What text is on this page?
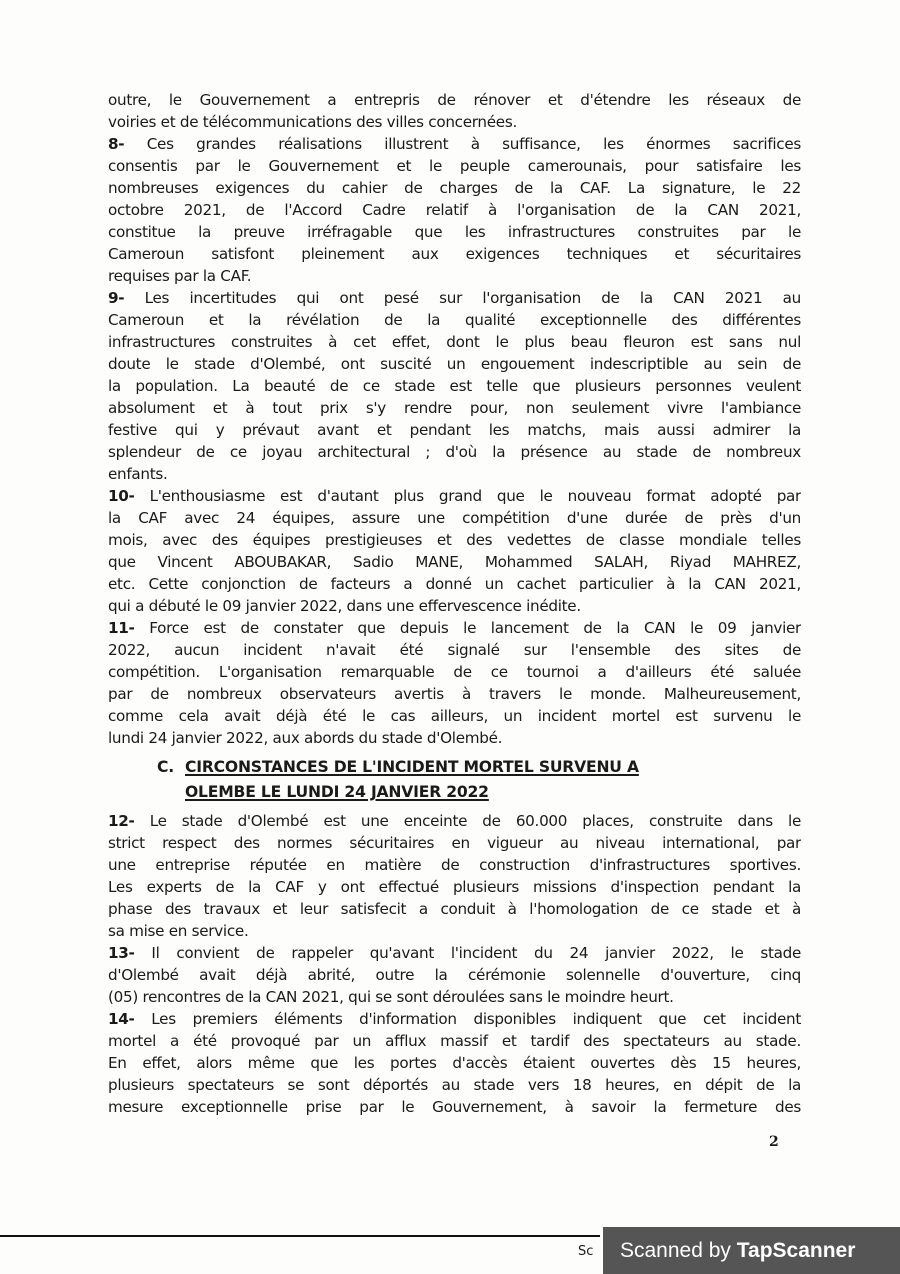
outre, le Gouvernement a entrepris de rénover et d'étendre les réseaux de
voiries et de télécommunications des villes concernées.
8- Ces grandes réalisations illustrent à suffisance, les énormes sacrifices
consentis par le Gouvernement et le peuple camerounais, pour satisfaire les
nombreuses exigences du cahier de charges de la CAF. La signature, le 22
octobre 2021, de l'Accord Cadre relatif à l'organisation de la CAN 2021,
constitue la preuve irréfragable que les infrastructures construites par le
Cameroun satisfont pleinement aux exigences techniques et sécuritaires
requises par la CAF.
9- Les incertitudes qui ont pesé sur l'organisation de la CAN 2021 au
Cameroun et la révélation de la qualité exceptionnelle des différentes
infrastructures construites à cet effet, dont le plus beau fleuron est sans nul
doute le stade d'Olembé, ont suscité un engouement indescriptible au sein de
la population. La beauté de ce stade est telle que plusieurs personnes veulent
absolument et à tout prix s'y rendre pour, non seulement vivre l'ambiance
festive qui y prévaut avant et pendant les matchs, mais aussi admirer la
splendeur de ce joyau architectural ; d'où la présence au stade de nombreux
enfants.
10- L'enthousiasme est d'autant plus grand que le nouveau format adopté par
la CAF avec 24 équipes, assure une compétition d'une durée de près d'un
mois, avec des équipes prestigieuses et des vedettes de classe mondiale telles
que Vincent ABOUBAKAR, Sadio MANE, Mohammed SALAH, Riyad MAHREZ,
etc. Cette conjonction de facteurs a donné un cachet particulier à la CAN 2021,
qui a débuté le 09 janvier 2022, dans une effervescence inédite.
11- Force est de constater que depuis le lancement de la CAN le 09 janvier
2022, aucun incident n'avait été signalé sur l'ensemble des sites de
compétition. L'organisation remarquable de ce tournoi a d'ailleurs été saluée
par de nombreux observateurs avertis à travers le monde. Malheureusement,
comme cela avait déjà été le cas ailleurs, un incident mortel est survenu le
lundi 24 janvier 2022, aux abords du stade d'Olembé.
C. CIRCONSTANCES DE L'INCIDENT MORTEL SURVENU A
OLEMBE LE LUNDI 24 JANVIER 2022
12- Le stade d'Olembé est une enceinte de 60.000 places, construite dans le
strict respect des normes sécuritaires en vigueur au niveau international, par
une entreprise réputée en matière de construction d'infrastructures sportives.
Les experts de la CAF y ont effectué plusieurs missions d'inspection pendant la
phase des travaux et leur satisfecit a conduit à l'homologation de ce stade et à
sa mise en service.
13- Il convient de rappeler qu'avant l'incident du 24 janvier 2022, le stade
d'Olembé avait déjà abrité, outre la cérémonie solennelle d'ouverture, cinq
(05) rencontres de la CAN 2021, qui se sont déroulées sans le moindre heurt.
14- Les premiers éléments d'information disponibles indiquent que cet incident
mortel a été provoqué par un afflux massif et tardif des spectateurs au stade.
En effet, alors même que les portes d'accès étaient ouvertes dès 15 heures,
plusieurs spectateurs se sont déportés au stade vers 18 heures, en dépit de la
mesure exceptionnelle prise par le Gouvernement, à savoir la fermeture des
2
Sc	Scanned by TapScanner
